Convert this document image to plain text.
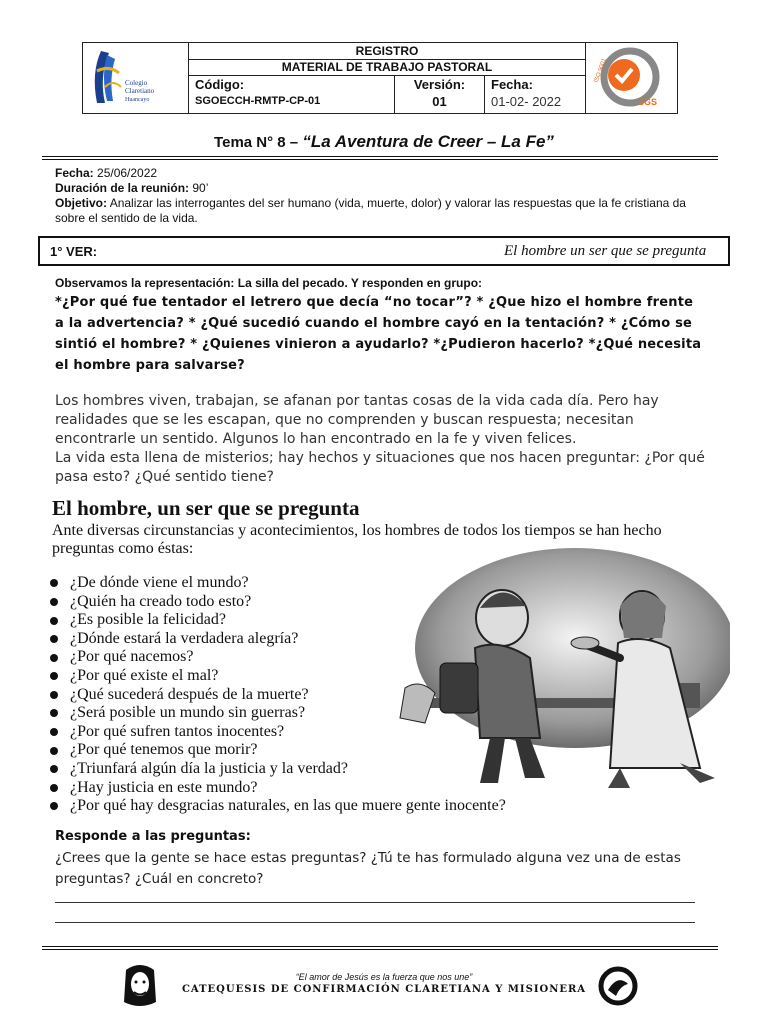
Colegio
Claretiano
Huancayo
REGISTRO
MATERIAL DE TRABAJO PASTORAL
Código:
SGOECCH-RMTP-CP-01
Versión:
01
Fecha:
01-02- 2022
ISO 9001
SGS
Tema N° 8 – “La Aventura de Creer – La Fe”
Fecha: 25/06/2022
Duración de la reunión: 90’
Objetivo: Analizar las interrogantes del ser humano (vida, muerte, dolor) y valorar las respuestas que la fe cristiana da sobre el sentido de la vida.
1° VER:	El hombre un ser que se pregunta
Observamos la representación: La silla del pecado. Y responden en grupo:
*¿Por qué fue tentador el letrero que decía “no tocar”? * ¿Que hizo el hombre frente a la advertencia? * ¿Qué sucedió cuando el hombre cayó en la tentación? * ¿Cómo se sintió el hombre? * ¿Quienes vinieron a ayudarlo? *¿Pudieron hacerlo? *¿Qué necesita el hombre para salvarse?
Los hombres viven, trabajan, se afanan por tantas cosas de la vida cada día. Pero hay realidades que se les escapan, que no comprenden y buscan respuesta; necesitan encontrarle un sentido. Algunos lo han encontrado en la fe y viven felices.
La vida esta llena de misterios; hay hechos y situaciones que nos hacen preguntar: ¿Por qué pasa esto? ¿Qué sentido tiene?
El hombre, un ser que se pregunta
Ante diversas circunstancias y acontecimientos, los hombres de todos los tiempos se han hecho preguntas como éstas:
¿De dónde viene el mundo?
¿Quién ha creado todo esto?
¿Es posible la felicidad?
¿Dónde estará la verdadera alegría?
¿Por qué nacemos?
¿Por qué existe el mal?
¿Qué sucederá después de la muerte?
¿Será posible un mundo sin guerras?
¿Por qué sufren tantos inocentes?
¿Por qué tenemos que morir?
¿Triunfará algún día la justicia y la verdad?
¿Hay justicia en este mundo?
¿Por qué hay desgracias naturales, en las que muere gente inocente?
Responde a las preguntas:
¿Crees que la gente se hace estas preguntas? ¿Tú te has formulado alguna vez una de estas preguntas? ¿Cuál en concreto?
“El amor de Jesús es la fuerza que nos une”
CATEQUESIS DE CONFIRMACIÓN CLARETIANA Y MISIONERA
